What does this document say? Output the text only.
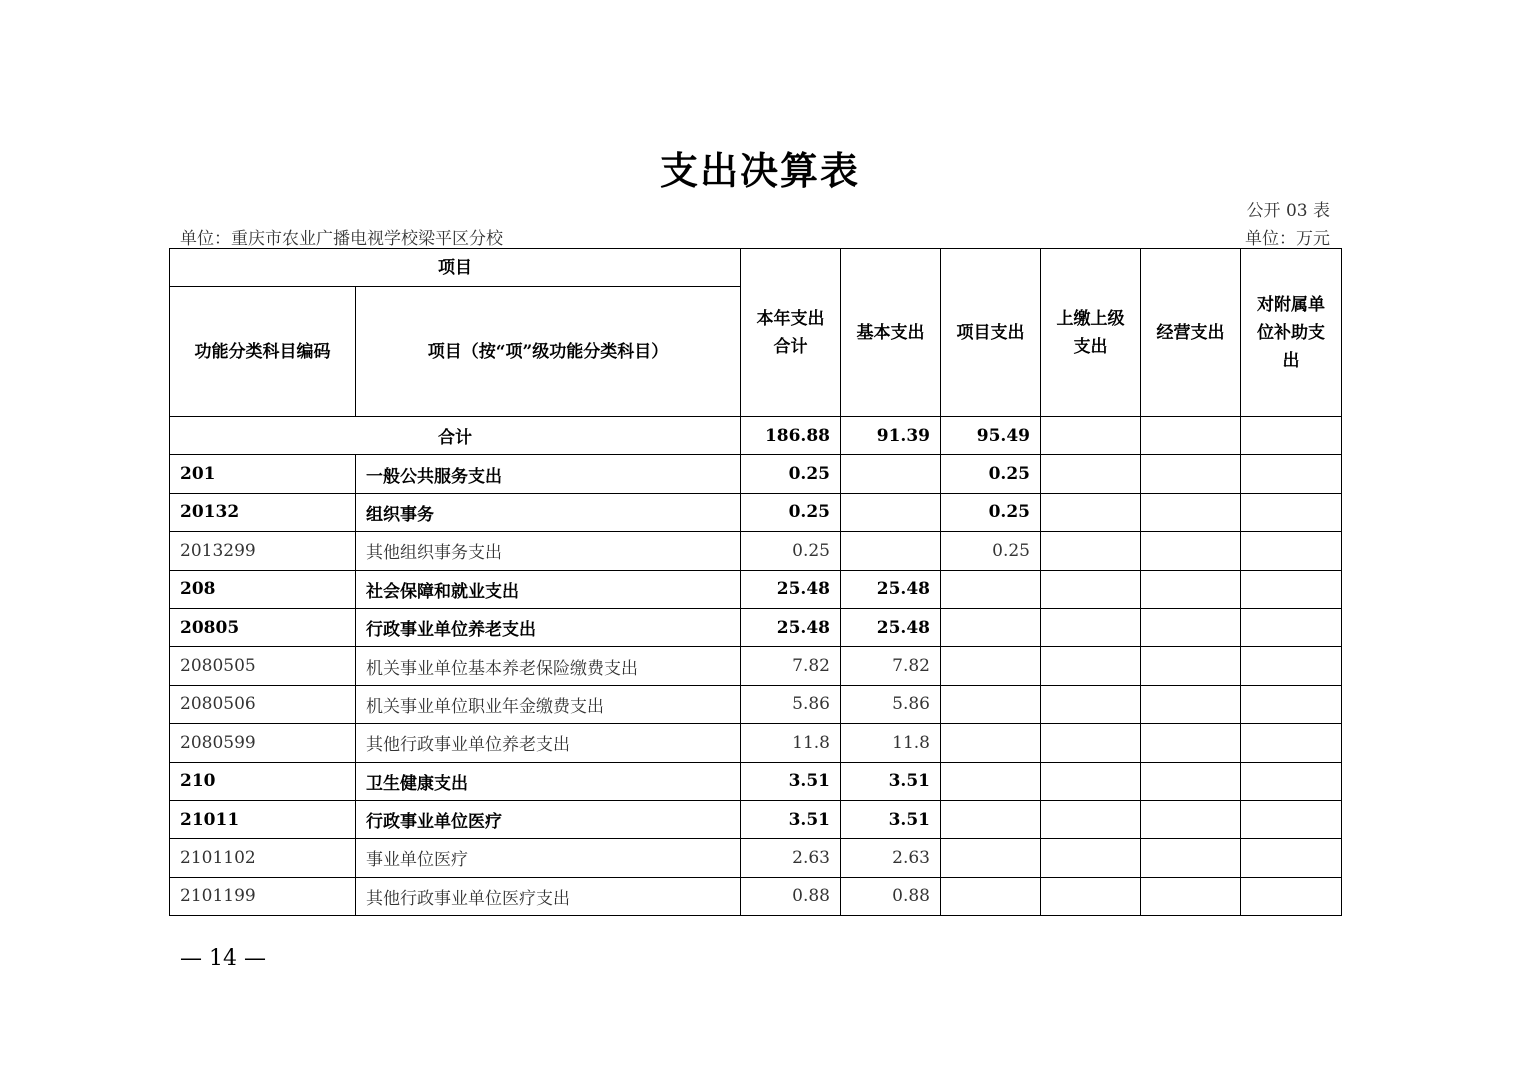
支出决算表
公开 03 表
单位：重庆市农业广播电视学校梁平区分校	单位：万元
项目		本年支出合计	基本支出	项目支出	上缴上级支出	经营支出	对附属单位补助支出
功能分类科目编码	项目（按“项”级功能分类科目）						
合计		186.88	91.39	95.49			
201	一般公共服务支出	0.25		0.25			
20132	组织事务	0.25		0.25			
2013299	其他组织事务支出	0.25		0.25			
208	社会保障和就业支出	25.48	25.48				
20805	行政事业单位养老支出	25.48	25.48				
2080505	机关事业单位基本养老保险缴费支出	7.82	7.82				
2080506	机关事业单位职业年金缴费支出	5.86	5.86				
2080599	其他行政事业单位养老支出	11.8	11.8				
210	卫生健康支出	3.51	3.51				
21011	行政事业单位医疗	3.51	3.51				
2101102	事业单位医疗	2.63	2.63				
2101199	其他行政事业单位医疗支出	0.88	0.88				
— 14 —
